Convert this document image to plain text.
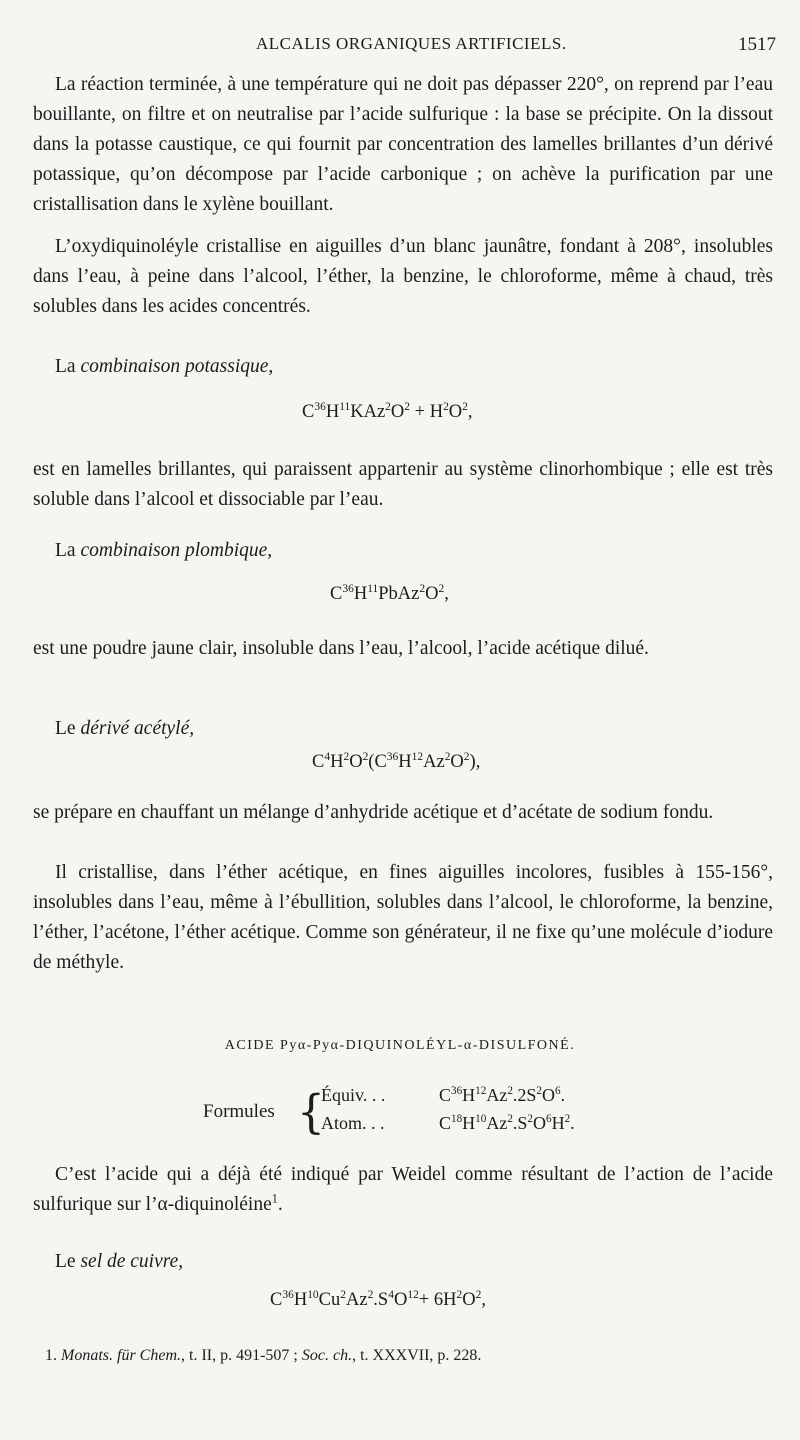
ALCALIS ORGANIQUES ARTIFICIELS.	1517

La réaction terminée, à une température qui ne doit pas dépasser 220°, on reprend par l’eau bouillante, on filtre et on neutralise par l’acide sulfurique : la base se précipite. On la dissout dans la potasse caustique, ce qui fournit par concentration des lamelles brillantes d’un dérivé potassique, qu’on décompose par l’acide carbonique ; on achève la purification par une cristallisation dans le xylène bouillant.

L’oxydiquinoléyle cristallise en aiguilles d’un blanc jaunâtre, fondant à 208°, insolubles dans l’eau, à peine dans l’alcool, l’éther, la benzine, le chloroforme, même à chaud, très solubles dans les acides concentrés.

La combinaison potassique,

$C^{36}H^{11}KAz^2O^2 + H^2O^2$,

est en lamelles brillantes, qui paraissent appartenir au système clinorhombique ; elle est très soluble dans l’alcool et dissociable par l’eau.

La combinaison plombique,

$C^{36}H^{11}PbAz^2O^2$,

est une poudre jaune clair, insoluble dans l’eau, l’alcool, l’acide acétique dilué.

Le dérivé acétylé,

$C^4H^2O^2(C^{36}H^{12}Az^2O^2)$,

se prépare en chauffant un mélange d’anhydride acétique et d’acétate de sodium fondu.

Il cristallise, dans l’éther acétique, en fines aiguilles incolores, fusibles à 155-156°, insolubles dans l’eau, même à l’ébullition, solubles dans l’alcool, le chloroforme, la benzine, l’éther, l’acétone, l’éther acétique. Comme son générateur, il ne fixe qu’une molécule d’iodure de méthyle.

ACIDE Pyα-Pyα-DIQUINOLÉYL-α-DISULFONÉ.
Formules {
Équiv. . .	$C^{36}H^{12}Az^2.2S^2O^6$.
Atom. . .	$C^{18}H^{10}Az^2.S^2O^6H^2$.

C’est l’acide qui a déjà été indiqué par Weidel comme résultant de l’action de l’acide sulfurique sur l’α-diquinoléine$^1$.

Le sel de cuivre,

$C^{36}H^{10}Cu^2Az^2.S^4O^{12}+ 6H^2O^2$,

1. Monats. für Chem., t. II, p. 491-507 ; Soc. ch., t. XXXVII, p. 228.
